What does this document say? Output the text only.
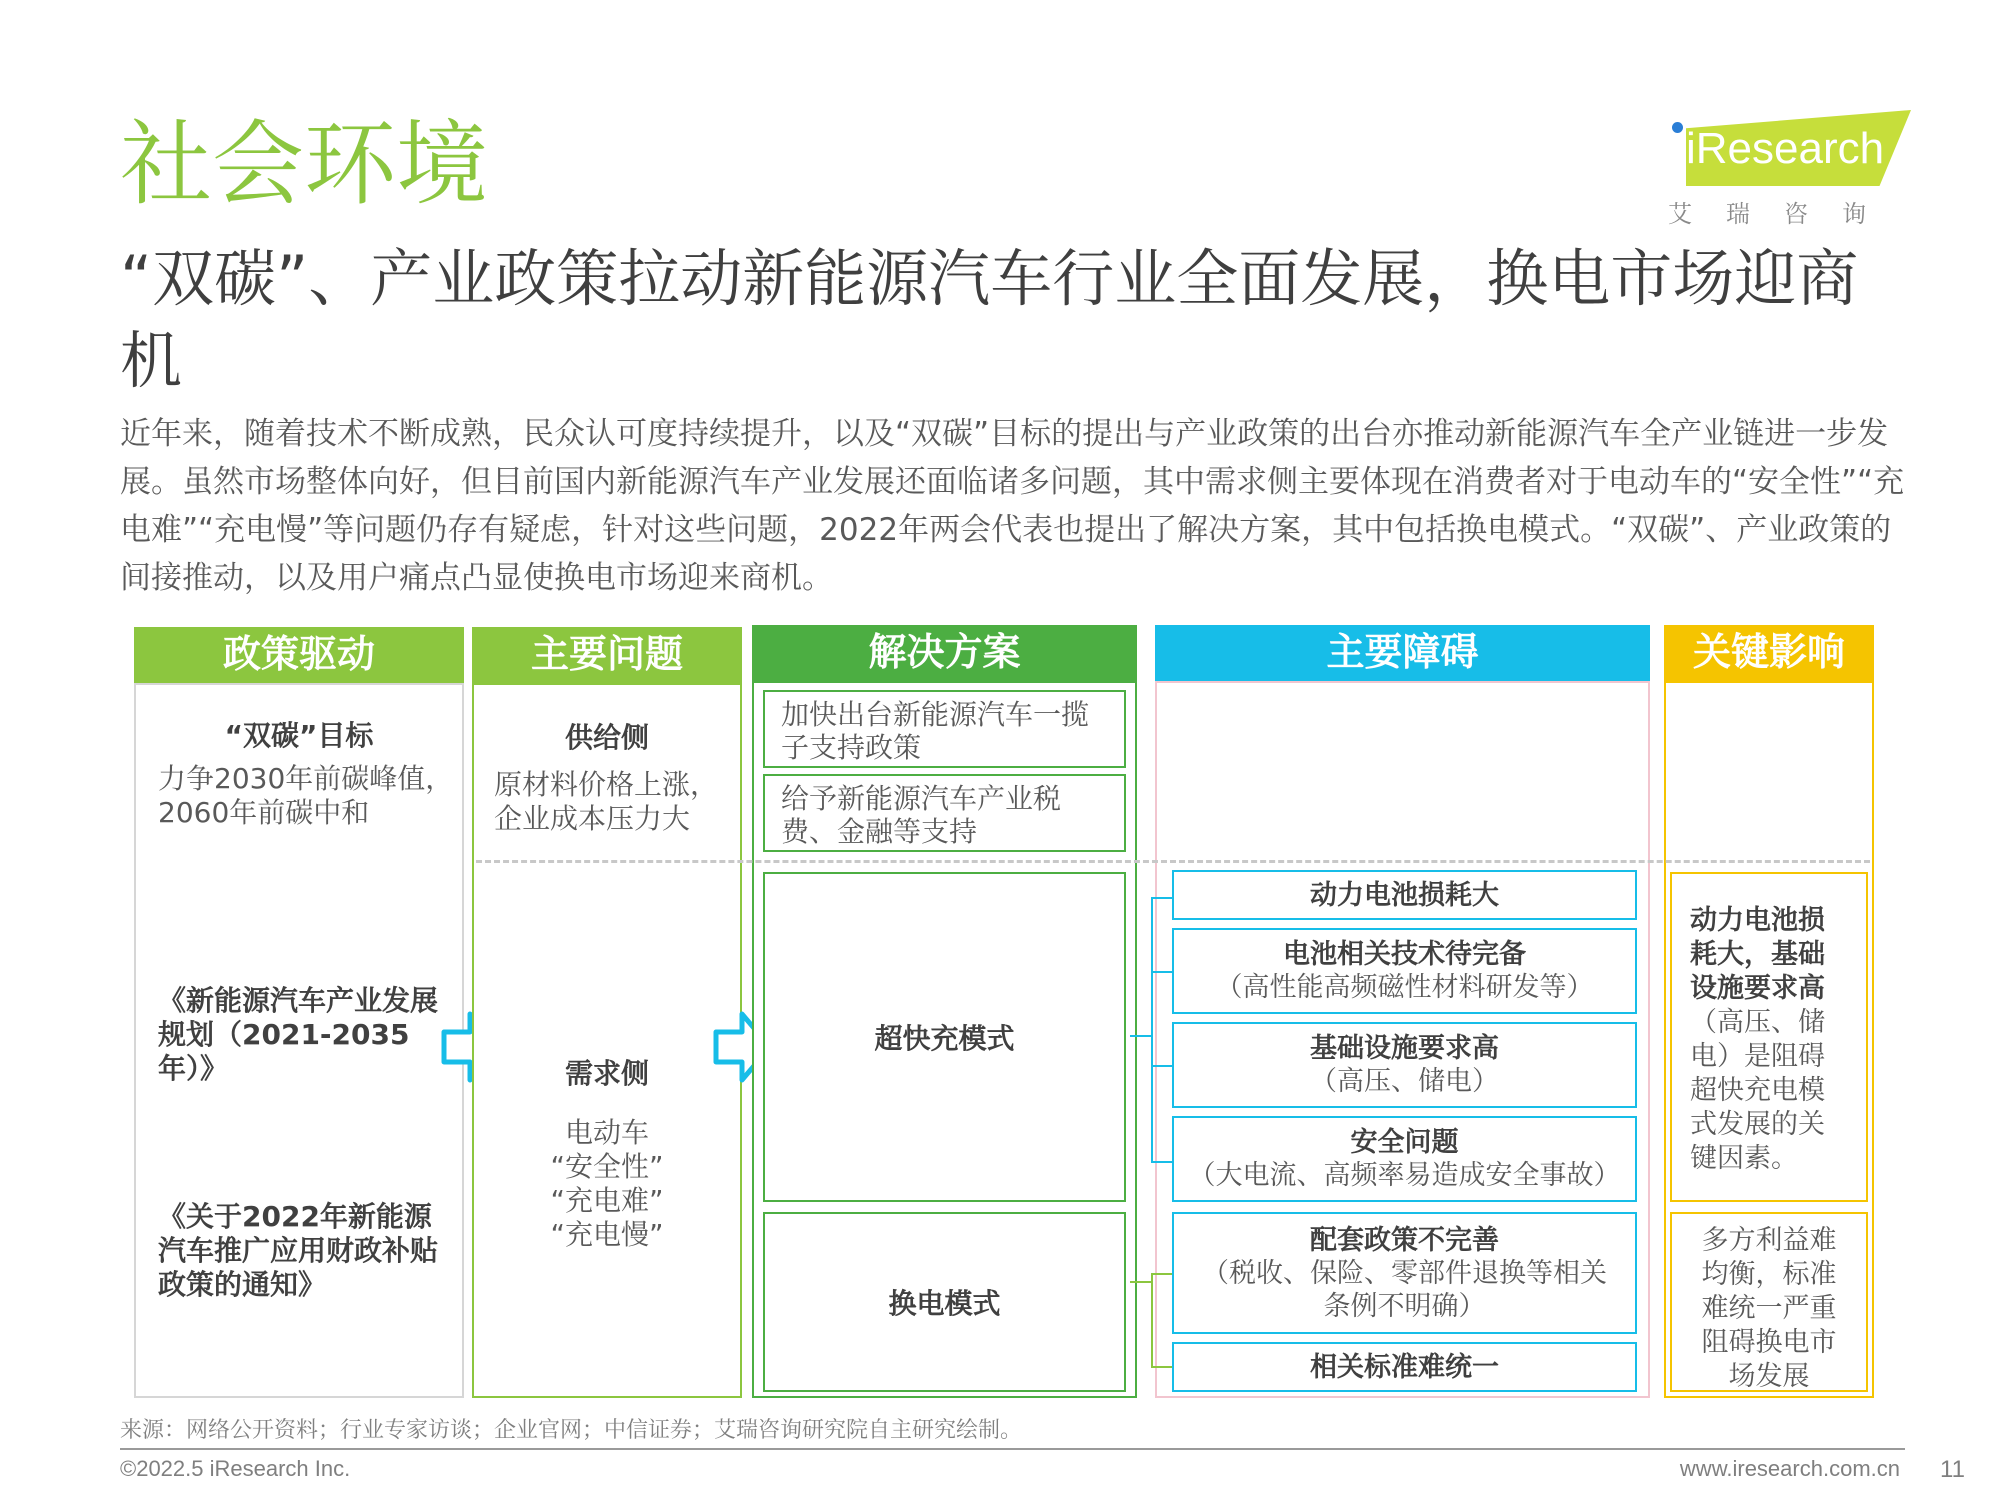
社会环境
“双碳”、产业政策拉动新能源汽车行业全面发展，换电市场迎商机
近年来，随着技术不断成熟，民众认可度持续提升，以及“双碳”目标的提出与产业政策的出台亦推动新能源汽车全产业链进一步发展。虽然市场整体向好，但目前国内新能源汽车产业发展还面临诸多问题，其中需求侧主要体现在消费者对于电动车的“安全性”“充电难”“充电慢”等问题仍存有疑虑，针对这些问题，2022年两会代表也提出了解决方案，其中包括换电模式。“双碳”、产业政策的间接推动，以及用户痛点凸显使换电市场迎来商机。
iResearch
艾瑞咨询
政策驱动
“双碳”目标
力争2030年前碳峰值，2060年前碳中和
《新能源汽车产业发展规划（2021-2035年）》
《关于2022年新能源汽车推广应用财政补贴政策的通知》
主要问题
供给侧
原材料价格上涨，企业成本压力大
需求侧
电动车
“安全性”
“充电难”
“充电慢”
解决方案
加快出台新能源汽车一揽子支持政策
给予新能源汽车产业税费、金融等支持
超快充模式
换电模式
主要障碍
动力电池损耗大
电池相关技术待完备
（高性能高频磁性材料研发等）
基础设施要求高
（高压、储电）
安全问题
（大电流、高频率易造成安全事故）
配套政策不完善
（税收、保险、零部件退换等相关条例不明确）
相关标准难统一
关键影响
动力电池损耗大，基础设施要求高（高压、储电）是阻碍超快充电模式发展的关键因素。
多方利益难均衡，标准难统一严重阻碍换电市场发展
来源：网络公开资料；行业专家访谈；企业官网；中信证券；艾瑞咨询研究院自主研究绘制。
©2022.5 iResearch Inc.	www.iresearch.com.cn 11
